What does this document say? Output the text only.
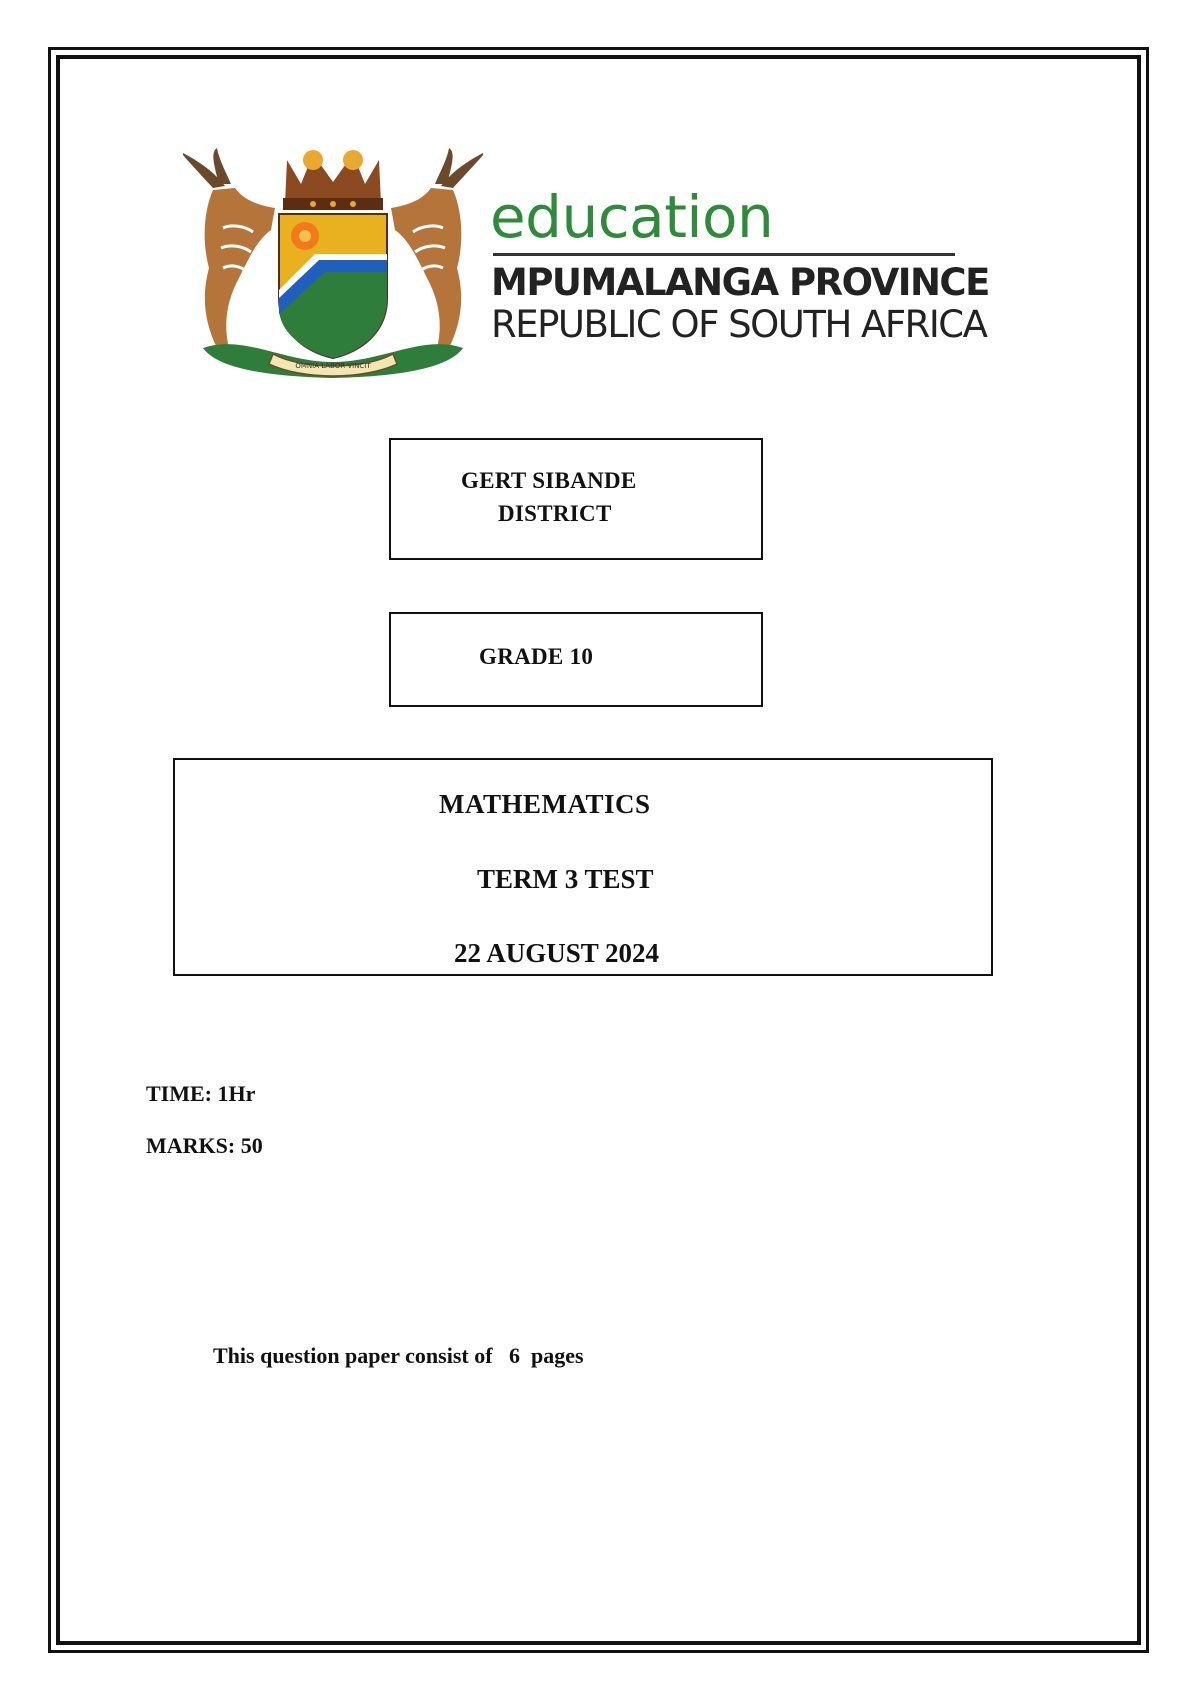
OMNIA LABOR VINCIT
education
MPUMALANGA PROVINCE
REPUBLIC OF SOUTH AFRICA
GERT SIBANDE
DISTRICT
GRADE 10
MATHEMATICS
TERM 3 TEST
22 AUGUST 2024
TIME: 1Hr
MARKS: 50
This question paper consist of   6  pages
